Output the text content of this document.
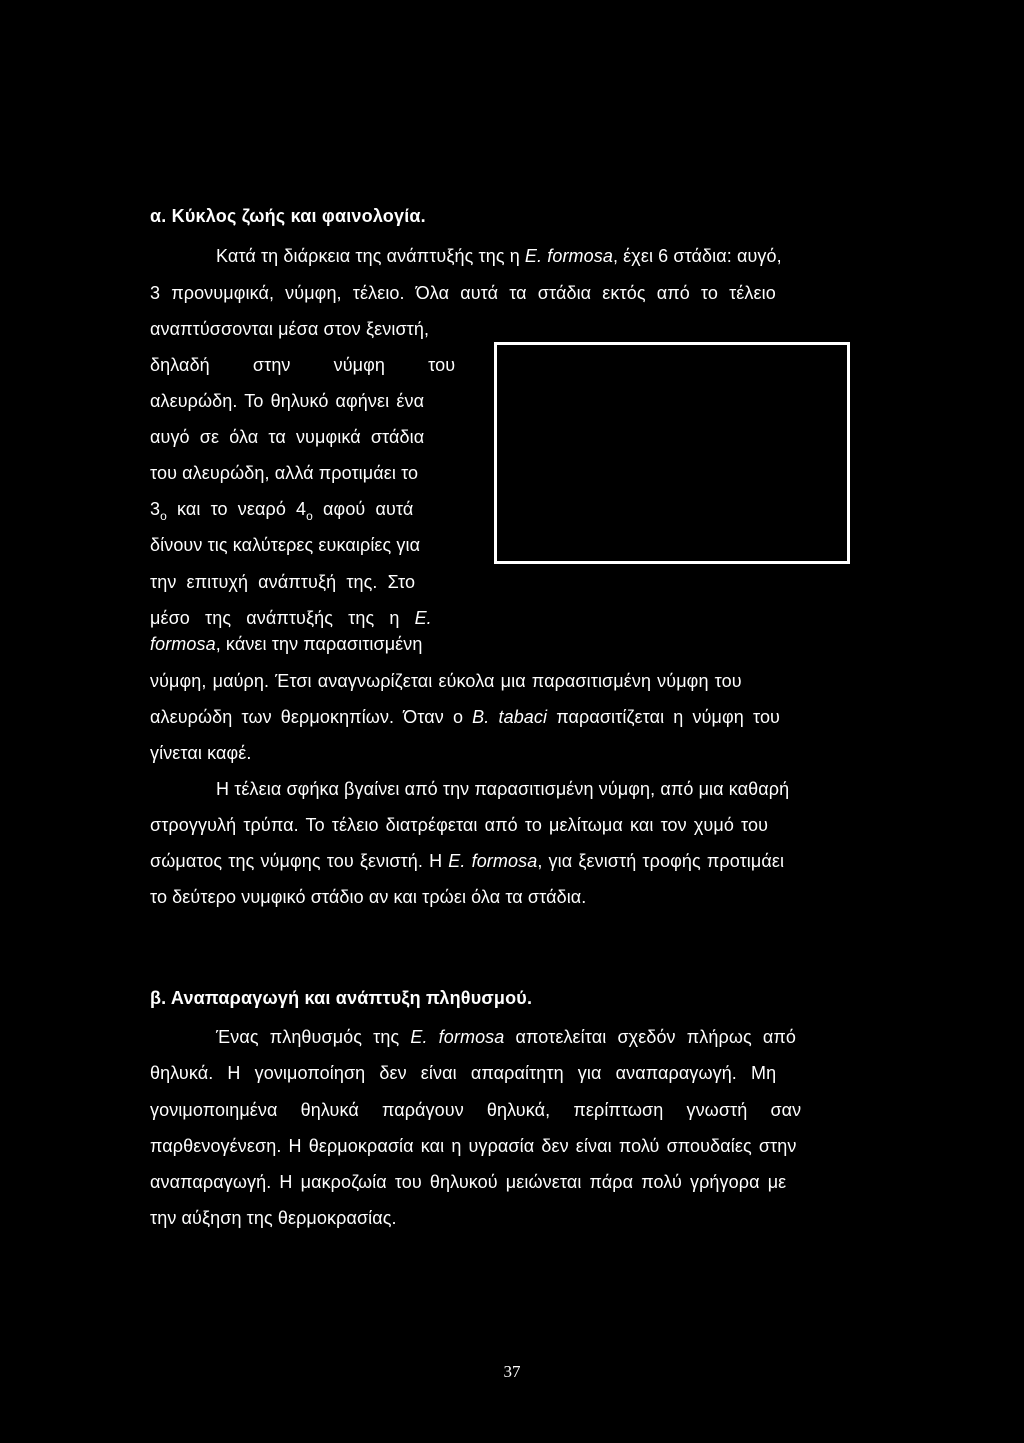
α. Κύκλος ζωής και φαινολογία.
Κατά τη διάρκεια της ανάπτυξής της η E. formosa, έχει 6 στάδια: αυγό,
3 προνυμφικά, νύμφη, τέλειο. Όλα αυτά τα στάδια εκτός από το τέλειο
αναπτύσσονται μέσα στον ξενιστή,
δηλαδή στην νύμφη του
αλευρώδη. Το θηλυκό αφήνει ένα
αυγό σε όλα τα νυμφικά στάδια
του αλευρώδη, αλλά προτιμάει το
$3_o$ και το νεαρό $4_o$ αφού αυτά
δίνουν τις καλύτερες ευκαιρίες για
την επιτυχή ανάπτυξή της. Στο
μέσο της ανάπτυξής της η E.
formosa, κάνει την παρασιτισμένη
νύμφη, μαύρη. Έτσι αναγνωρίζεται εύκολα μια παρασιτισμένη νύμφη του
αλευρώδη των θερμοκηπίων. Όταν ο B. tabaci παρασιτίζεται η νύμφη του
γίνεται καφέ.
Η τέλεια σφήκα βγαίνει από την παρασιτισμένη νύμφη, από μια καθαρή
στρογγυλή τρύπα. Το τέλειο διατρέφεται από το μελίτωμα και τον χυμό του
σώματος της νύμφης του ξενιστή. Η E. formosa, για ξενιστή τροφής προτιμάει
το δεύτερο νυμφικό στάδιο αν και τρώει όλα τα στάδια.
β. Αναπαραγωγή και ανάπτυξη πληθυσμού.
Ένας πληθυσμός της E. formosa αποτελείται σχεδόν πλήρως από
θηλυκά. Η γονιμοποίηση δεν είναι απαραίτητη για αναπαραγωγή. Μη
γονιμοποιημένα θηλυκά παράγουν θηλυκά, περίπτωση γνωστή σαν
παρθενογένεση. Η θερμοκρασία και η υγρασία δεν είναι πολύ σπουδαίες στην
αναπαραγωγή. Η μακροζωία του θηλυκού μειώνεται πάρα πολύ γρήγορα με
την αύξηση της θερμοκρασίας.
37
